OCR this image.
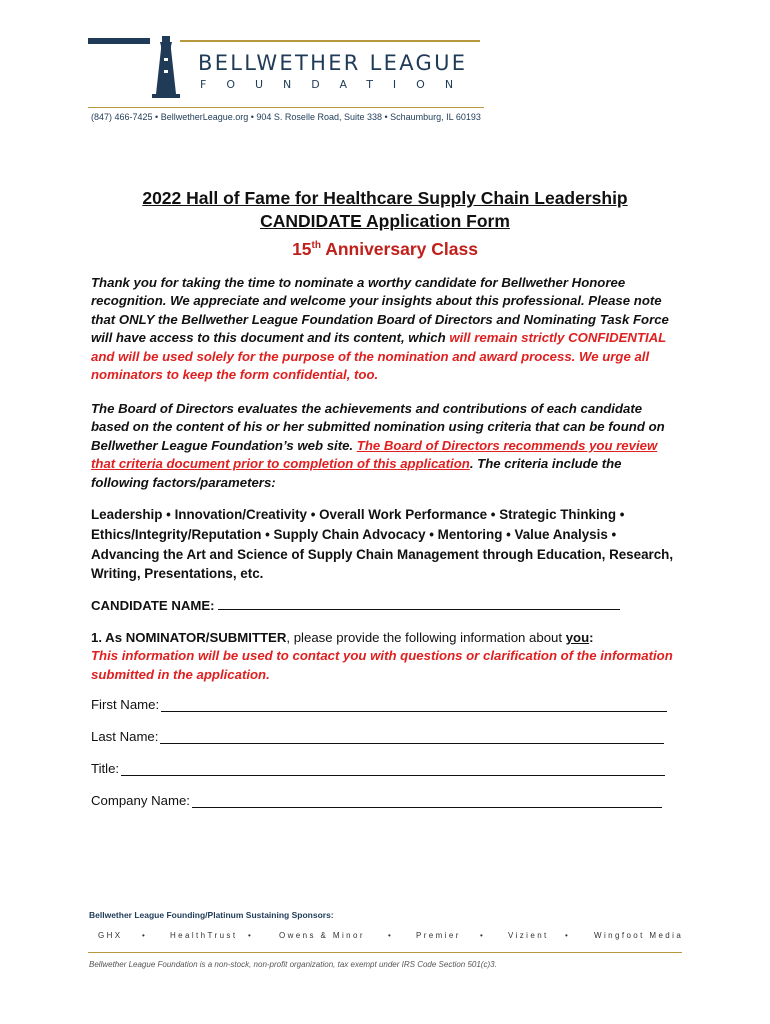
BELLWETHER LEAGUE
FOUNDATION
(847) 466-7425 • BellwetherLeague.org • 904 S. Roselle Road, Suite 338 • Schaumburg, IL 60193
2022 Hall of Fame for Healthcare Supply Chain Leadership
CANDIDATE Application Form
15th Anniversary Class
Thank you for taking the time to nominate a worthy candidate for Bellwether Honoree recognition. We appreciate and welcome your insights about this professional. Please note that ONLY the Bellwether League Foundation Board of Directors and Nominating Task Force will have access to this document and its content, which will remain strictly CONFIDENTIAL and will be used solely for the purpose of the nomination and award process. We urge all nominators to keep the form confidential, too.
The Board of Directors evaluates the achievements and contributions of each candidate based on the content of his or her submitted nomination using criteria that can be found on Bellwether League Foundation’s web site. The Board of Directors recommends you review that criteria document prior to completion of this application. The criteria include the following factors/parameters:
Leadership • Innovation/Creativity • Overall Work Performance • Strategic Thinking • Ethics/Integrity/Reputation • Supply Chain Advocacy • Mentoring • Value Analysis • Advancing the Art and Science of Supply Chain Management through Education, Research, Writing, Presentations, etc.
CANDIDATE NAME:
1. As NOMINATOR/SUBMITTER, please provide the following information about you:
This information will be used to contact you with questions or clarification of the information submitted in the application.
First Name:
Last Name:
Title:
Company Name:
Bellwether League Founding/Platinum Sustaining Sponsors:
GHX •	HealthTrust •	Owens & Minor	•	Premier •	Vizient •	Wingfoot Media
Bellwether League Foundation is a non-stock, non-profit organization, tax exempt under IRS Code Section 501(c)3.
